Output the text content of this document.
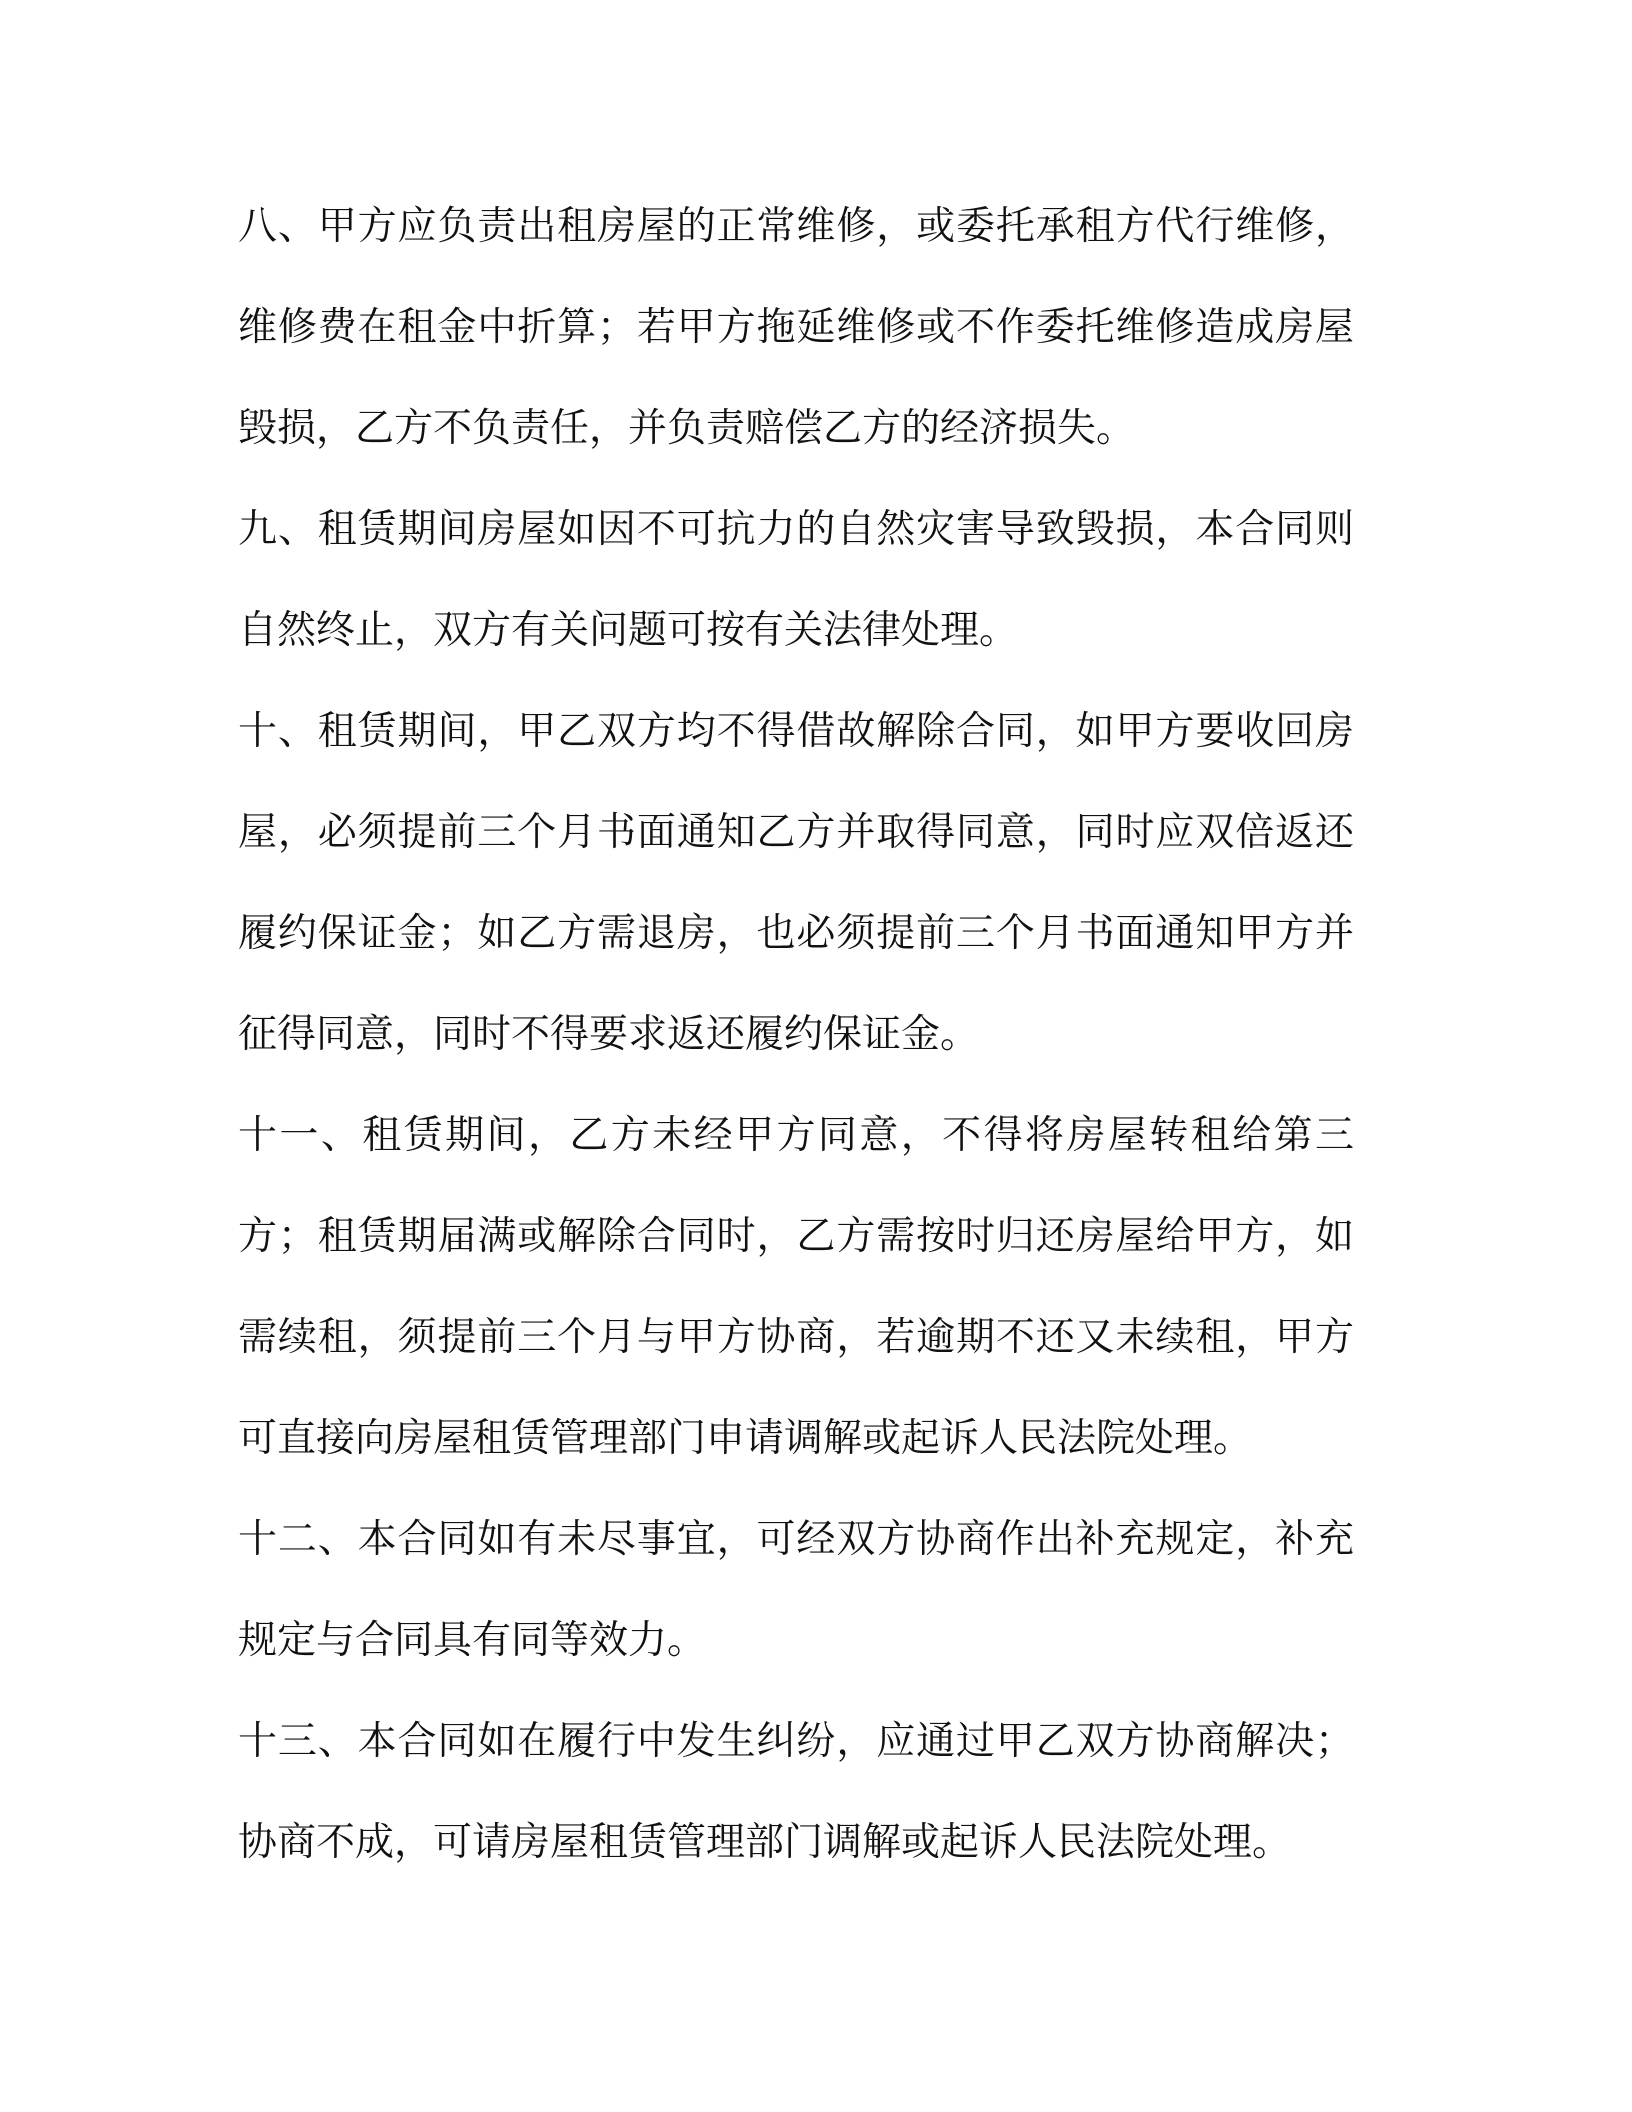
八、甲方应负责出租房屋的正常维修，或委托承租方代行维修，维修费在租金中折算；若甲方拖延维修或不作委托维修造成房屋毁损，乙方不负责任，并负责赔偿乙方的经济损失。

九、租赁期间房屋如因不可抗力的自然灾害导致毁损，本合同则自然终止，双方有关问题可按有关法律处理。

十、租赁期间，甲乙双方均不得借故解除合同，如甲方要收回房屋，必须提前三个月书面通知乙方并取得同意，同时应双倍返还履约保证金；如乙方需退房，也必须提前三个月书面通知甲方并征得同意，同时不得要求返还履约保证金。

十一、租赁期间，乙方未经甲方同意，不得将房屋转租给第三方；租赁期届满或解除合同时，乙方需按时归还房屋给甲方，如需续租，须提前三个月与甲方协商，若逾期不还又未续租，甲方可直接向房屋租赁管理部门申请调解或起诉人民法院处理。

十二、本合同如有未尽事宜，可经双方协商作出补充规定，补充规定与合同具有同等效力。

十三、本合同如在履行中发生纠纷，应通过甲乙双方协商解决；协商不成，可请房屋租赁管理部门调解或起诉人民法院处理。
